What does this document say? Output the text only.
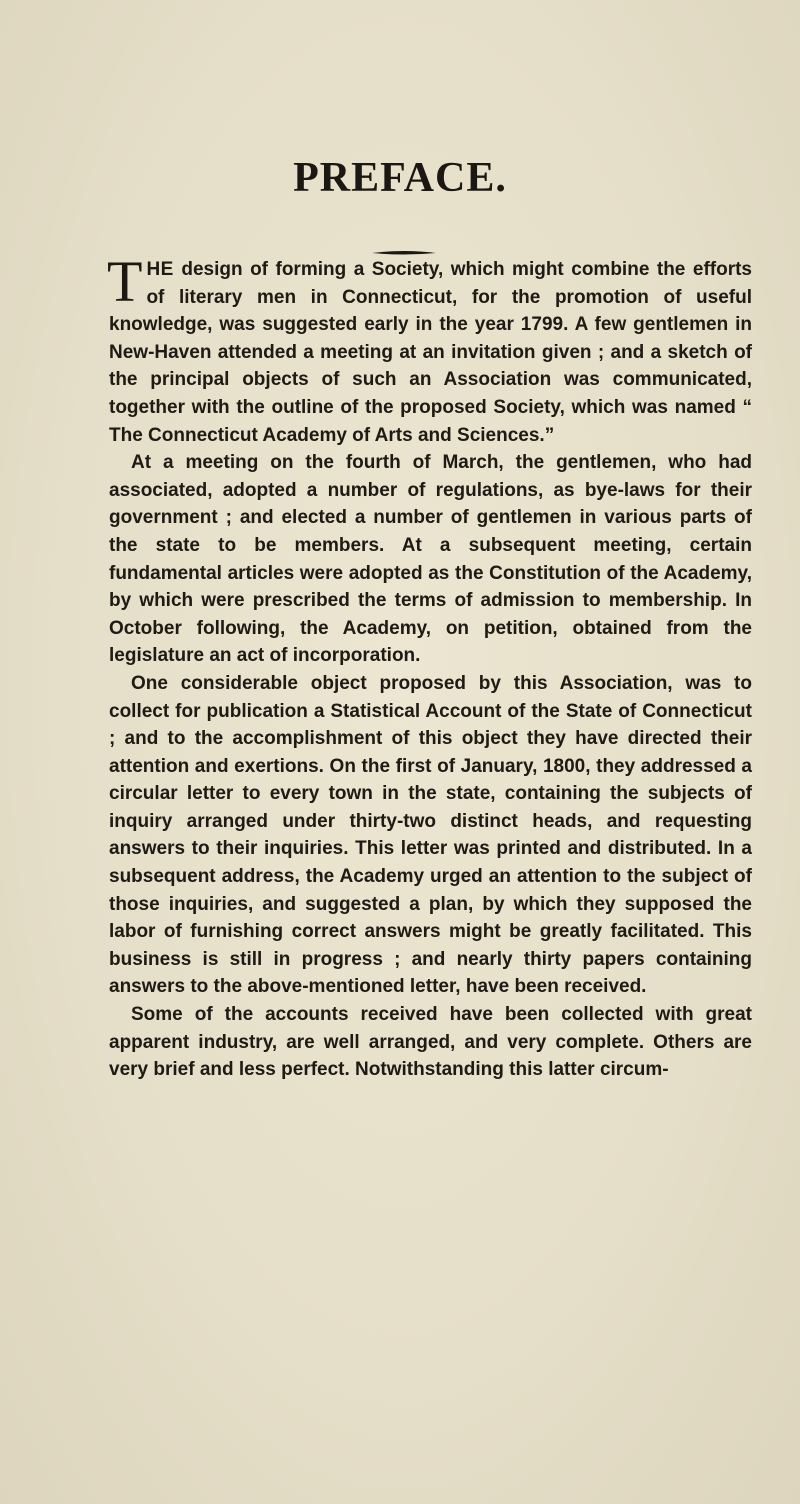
PREFACE.

THE design of forming a Society, which might combine the efforts of literary men in Connecticut, for the promotion of useful knowledge, was suggested early in the year 1799. A few gentlemen in New-Haven attended a meeting at an invitation given ; and a sketch of the principal objects of such an Association was communicated, together with the outline of the proposed Society, which was named “ The Connecticut Academy of Arts and Sciences.”

At a meeting on the fourth of March, the gentlemen, who had associated, adopted a number of regulations, as bye-laws for their government ; and elected a number of gentlemen in various parts of the state to be members. At a subsequent meeting, certain fundamental articles were adopted as the Constitution of the Academy, by which were prescribed the terms of admission to membership. In October following, the Academy, on petition, obtained from the legislature an act of incorporation.

One considerable object proposed by this Association, was to collect for publication a Statistical Account of the State of Connecticut ; and to the accomplishment of this object they have directed their attention and exertions. On the first of January, 1800, they addressed a circular letter to every town in the state, containing the subjects of inquiry arranged under thirty-two distinct heads, and requesting answers to their inquiries. This letter was printed and distributed. In a subsequent address, the Academy urged an attention to the subject of those inquiries, and suggested a plan, by which they supposed the labor of furnishing correct answers might be greatly facilitated. This business is still in progress ; and nearly thirty papers containing answers to the above-mentioned letter, have been received.

Some of the accounts received have been collected with great apparent industry, are well arranged, and very complete. Others are very brief and less perfect. Notwithstanding this latter circum-
